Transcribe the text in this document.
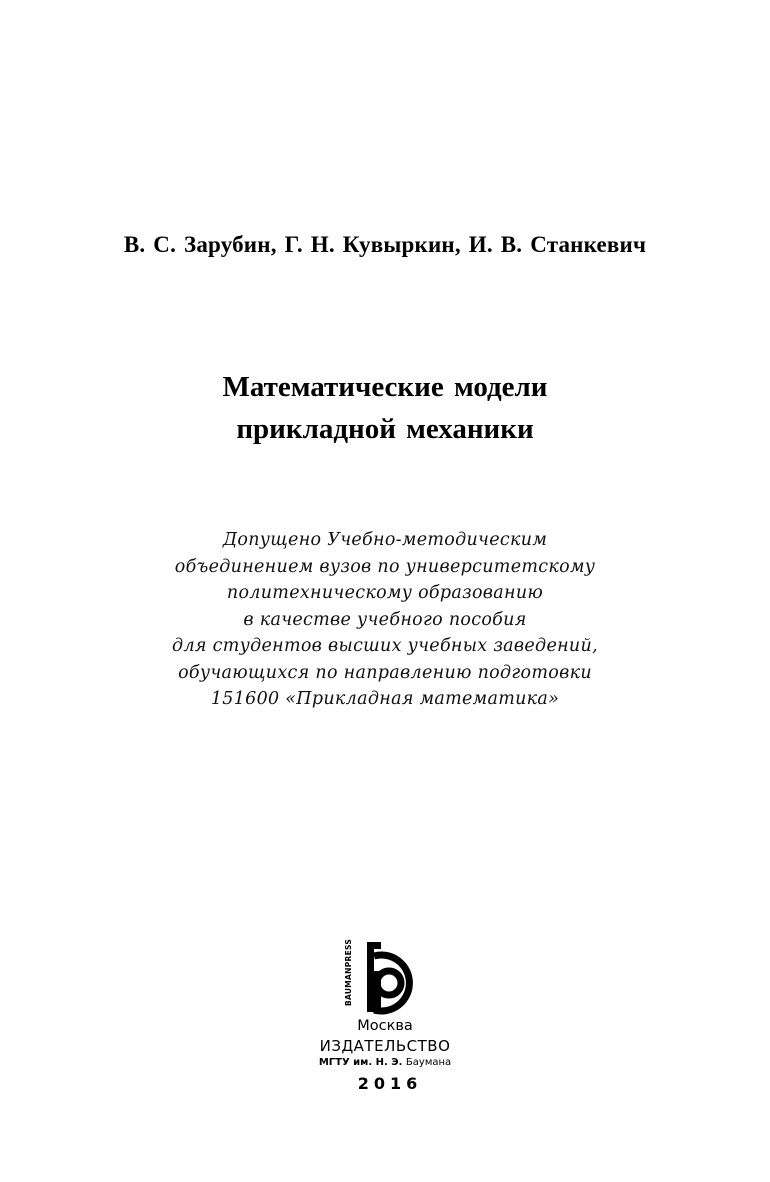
В. С. Зарубин, Г. Н. Кувыркин, И. В. Станкевич
Математические модели
прикладной механики
Допущено Учебно-методическим
объединением вузов по университетскому
политехническому образованию
в качестве учебного пособия
для студентов высших учебных заведений,
обучающихся по направлению подготовки
151600 «Прикладная математика»
BAUMANPRESS
Москва
ИЗДАТЕЛЬСТВО
МГТУ им. Н. Э. Баумана
2016
